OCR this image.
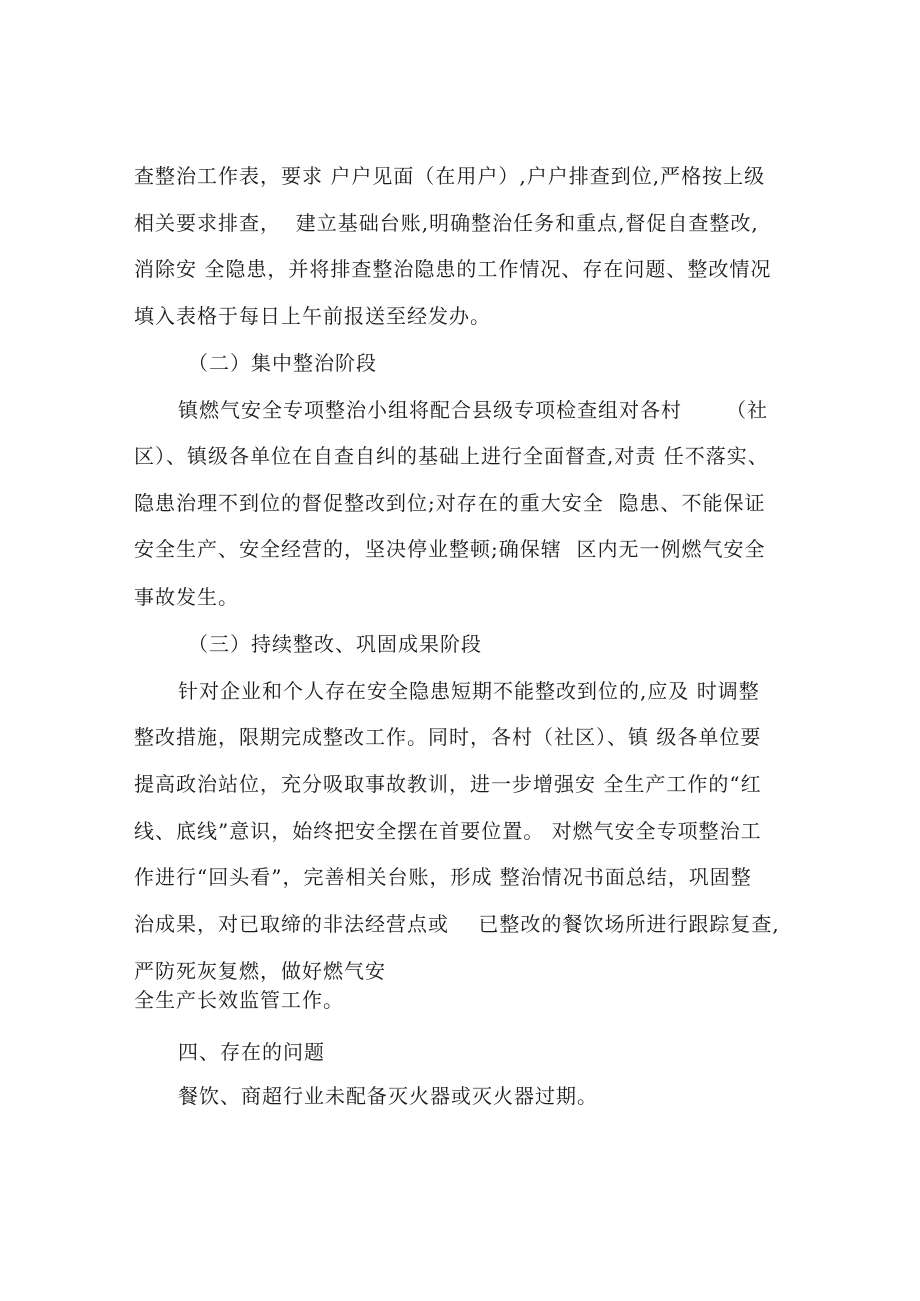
查整治工作表，要求 户户见面（在用户）,户户排查到位,严格按上级
相关要求排查，  建立基础台账,明确整治任务和重点,督促自查整改,
消除安 全隐患，并将排查整治隐患的工作情况、存在问题、整改情况
填入表格于每日上午前报送至经发办。
（二）集中整治阶段
镇燃气安全专项整治小组将配合县级专项检查组对各村      （社
区）、镇级各单位在自查自纠的基础上进行全面督查,对责 任不落实、
隐患治理不到位的督促整改到位;对存在的重大安全  隐患、不能保证
安全生产、安全经营的，坚决停业整顿;确保辖  区内无一例燃气安全
事故发生。
（三）持续整改、巩固成果阶段
针对企业和个人存在安全隐患短期不能整改到位的,应及 时调整
整改措施，限期完成整改工作。同时，各村（社区）、镇 级各单位要
提高政治站位，充分吸取事故教训，进一步增强安 全生产工作的“红
线、底线”意识，始终把安全摆在首要位置。 对燃气安全专项整治工
作进行“回头看”，完善相关台账，形成 整治情况书面总结，巩固整
治成果，对已取缔的非法经营点或    已整改的餐饮场所进行跟踪复查,
严防死灰复燃，做好燃气安
全生产长效监管工作。
四、存在的问题
餐饮、商超行业未配备灭火器或灭火器过期。
